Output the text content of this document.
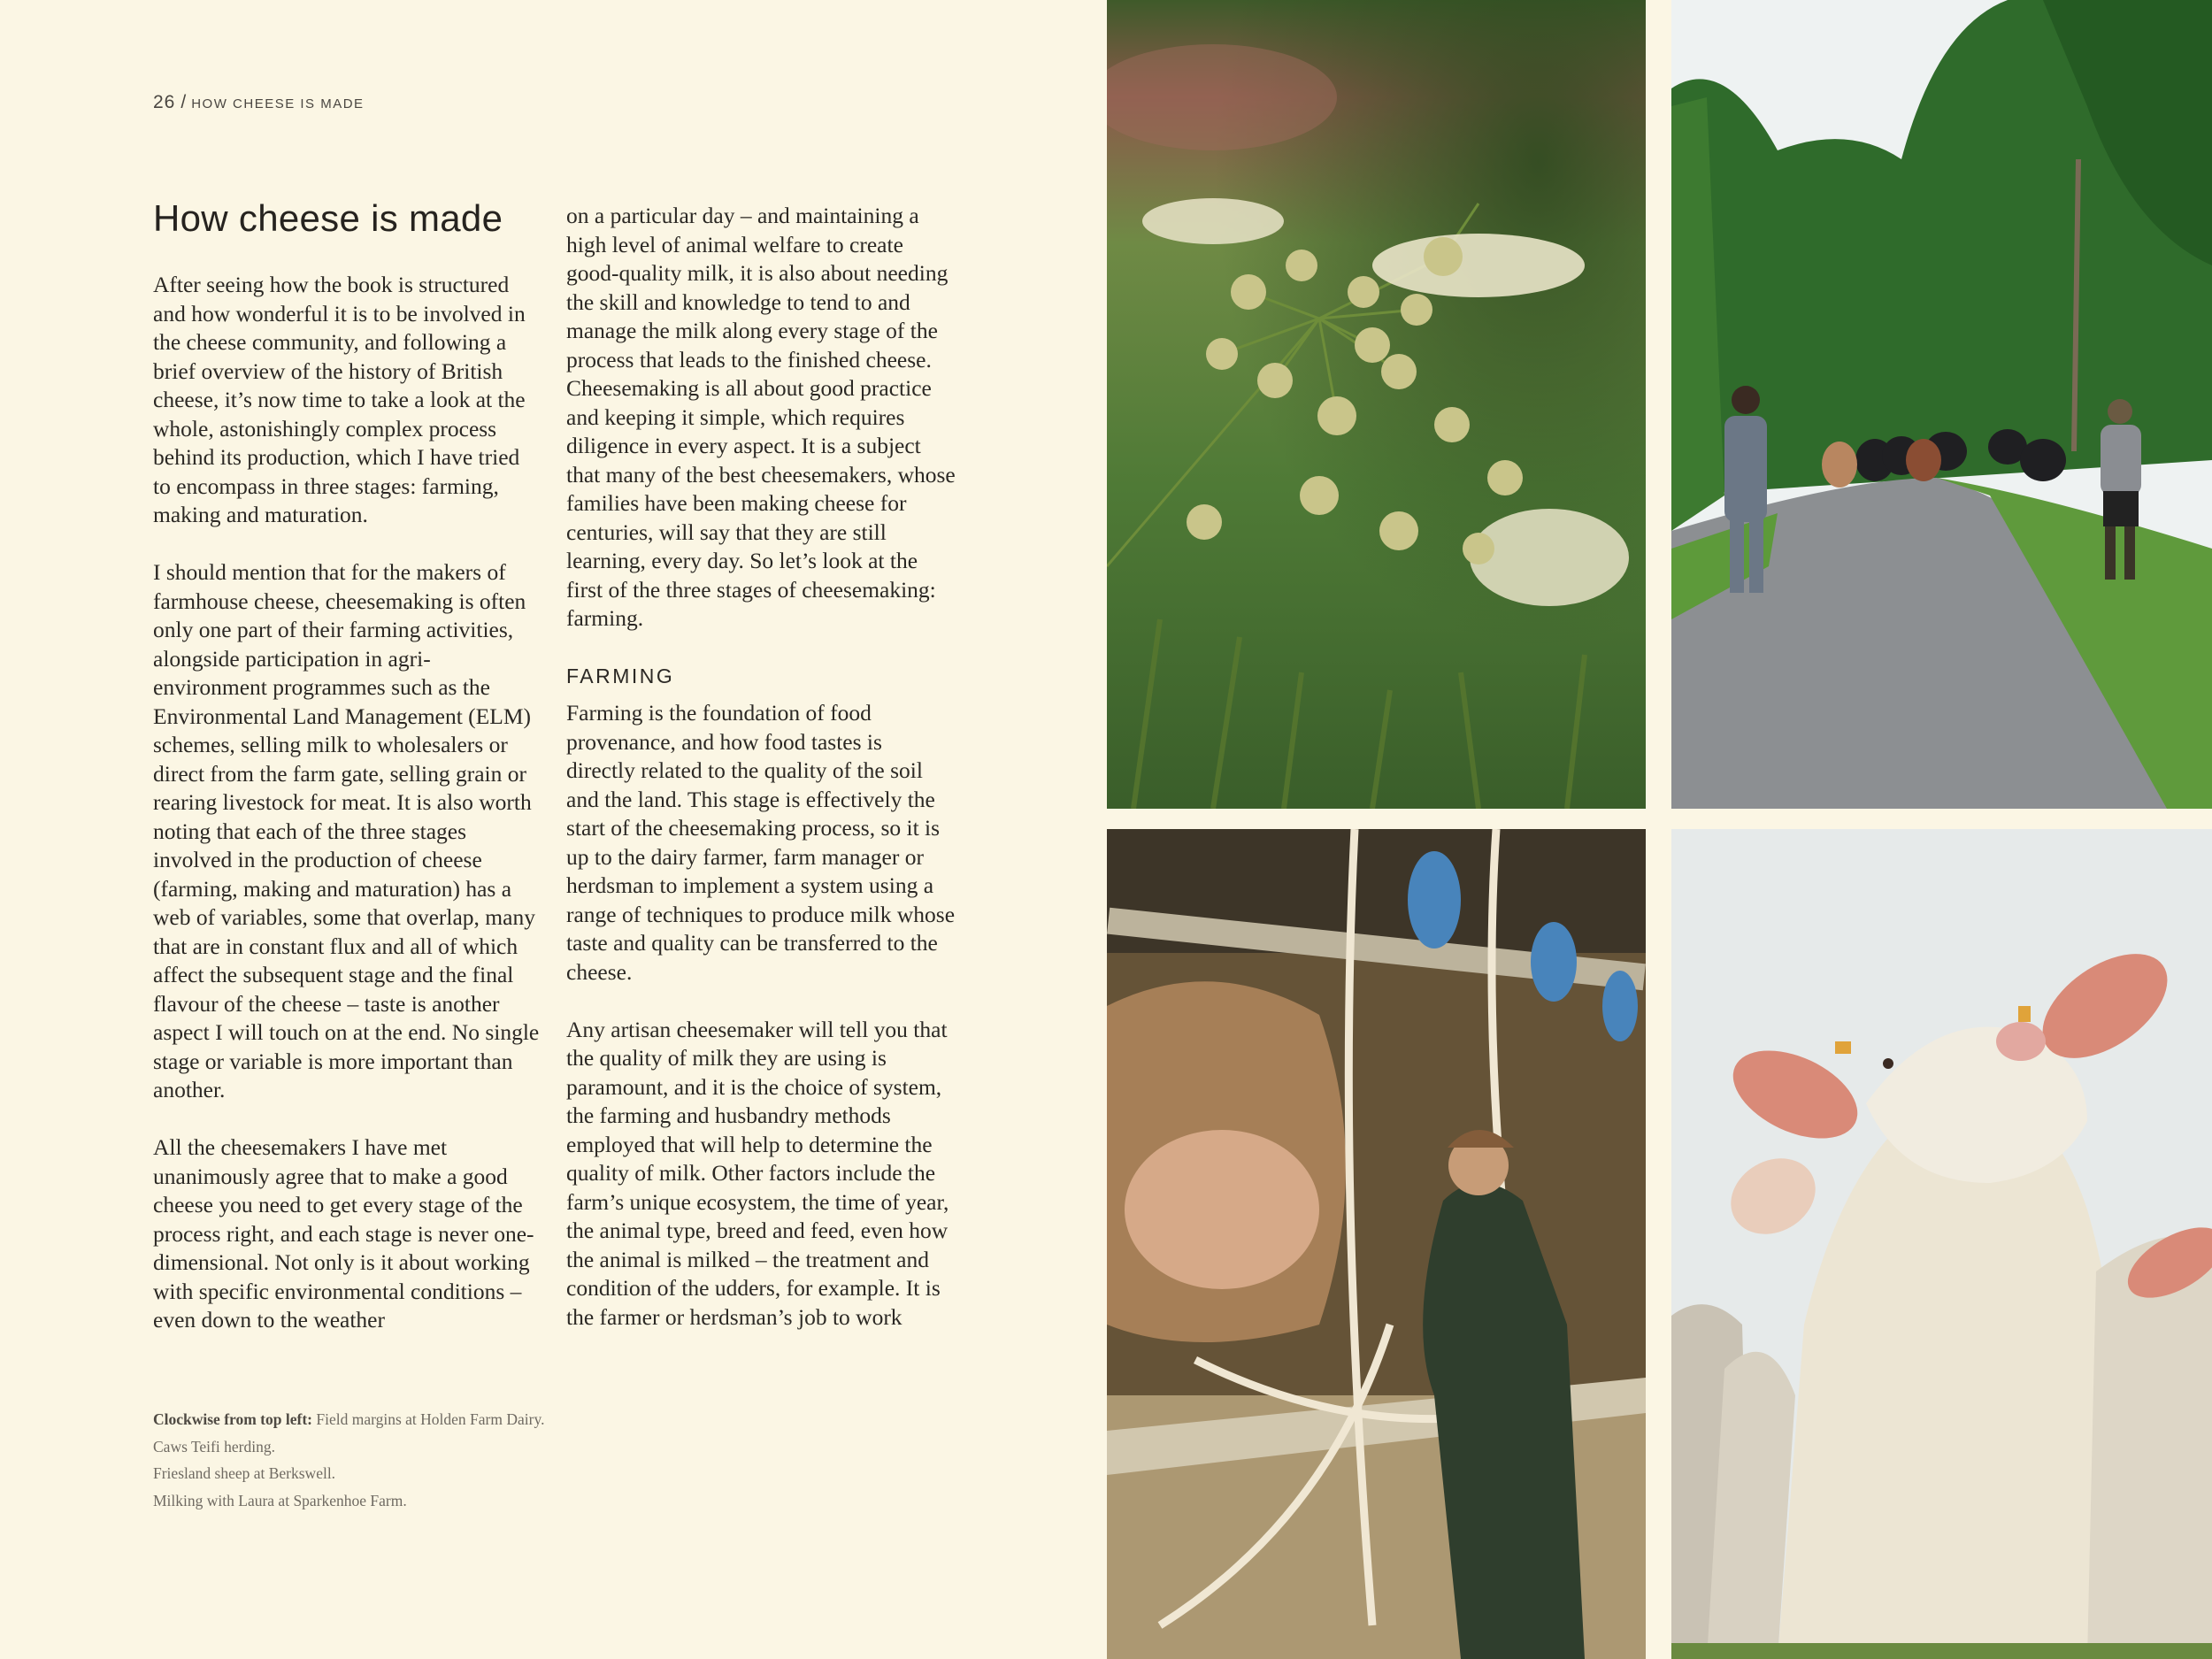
26 / HOW CHEESE IS MADE
How cheese is made

After seeing how the book is structured and how wonderful it is to be involved in the cheese community, and following a brief overview of the history of British cheese, it’s now time to take a look at the whole, astonishingly complex process behind its production, which I have tried to encompass in three stages: farming, making and maturation.

I should mention that for the makers of farmhouse cheese, cheesemaking is often only one part of their farming activities, alongside participation in agri-environment programmes such as the Environmental Land Management (ELM) schemes, selling milk to wholesalers or direct from the farm gate, selling grain or rearing livestock for meat. It is also worth noting that each of the three stages involved in the production of cheese (farming, making and maturation) has a web of variables, some that overlap, many that are in constant flux and all of which affect the subsequent stage and the final flavour of the cheese – taste is another aspect I will touch on at the end. No single stage or variable is more important than another.

All the cheesemakers I have met unanimously agree that to make a good cheese you need to get every stage of the process right, and each stage is never one-dimensional. Not only is it about working with specific environmental conditions – even down to the weather

on a particular day – and maintaining a high level of animal welfare to create good-quality milk, it is also about needing the skill and knowledge to tend to and manage the milk along every stage of the process that leads to the finished cheese. Cheesemaking is all about good practice and keeping it simple, which requires diligence in every aspect. It is a subject that many of the best cheesemakers, whose families have been making cheese for centuries, will say that they are still learning, every day. So let’s look at the first of the three stages of cheesemaking: farming.

FARMING

Farming is the foundation of food provenance, and how food tastes is directly related to the quality of the soil and the land. This stage is effectively the start of the cheesemaking process, so it is up to the dairy farmer, farm manager or herdsman to implement a system using a range of techniques to produce milk whose taste and quality can be transferred to the cheese.

Any artisan cheesemaker will tell you that the quality of milk they are using is paramount, and it is the choice of system, the farming and husbandry methods employed that will help to determine the quality of milk. Other factors include the farm’s unique ecosystem, the time of year, the animal type, breed and feed, even how the animal is milked – the treatment and condition of the udders, for example. It is the farmer or herdsman’s job to work

Clockwise from top left: Field margins at Holden Farm Dairy.
Caws Teifi herding.
Friesland sheep at Berkswell.
Milking with Laura at Sparkenhoe Farm.
